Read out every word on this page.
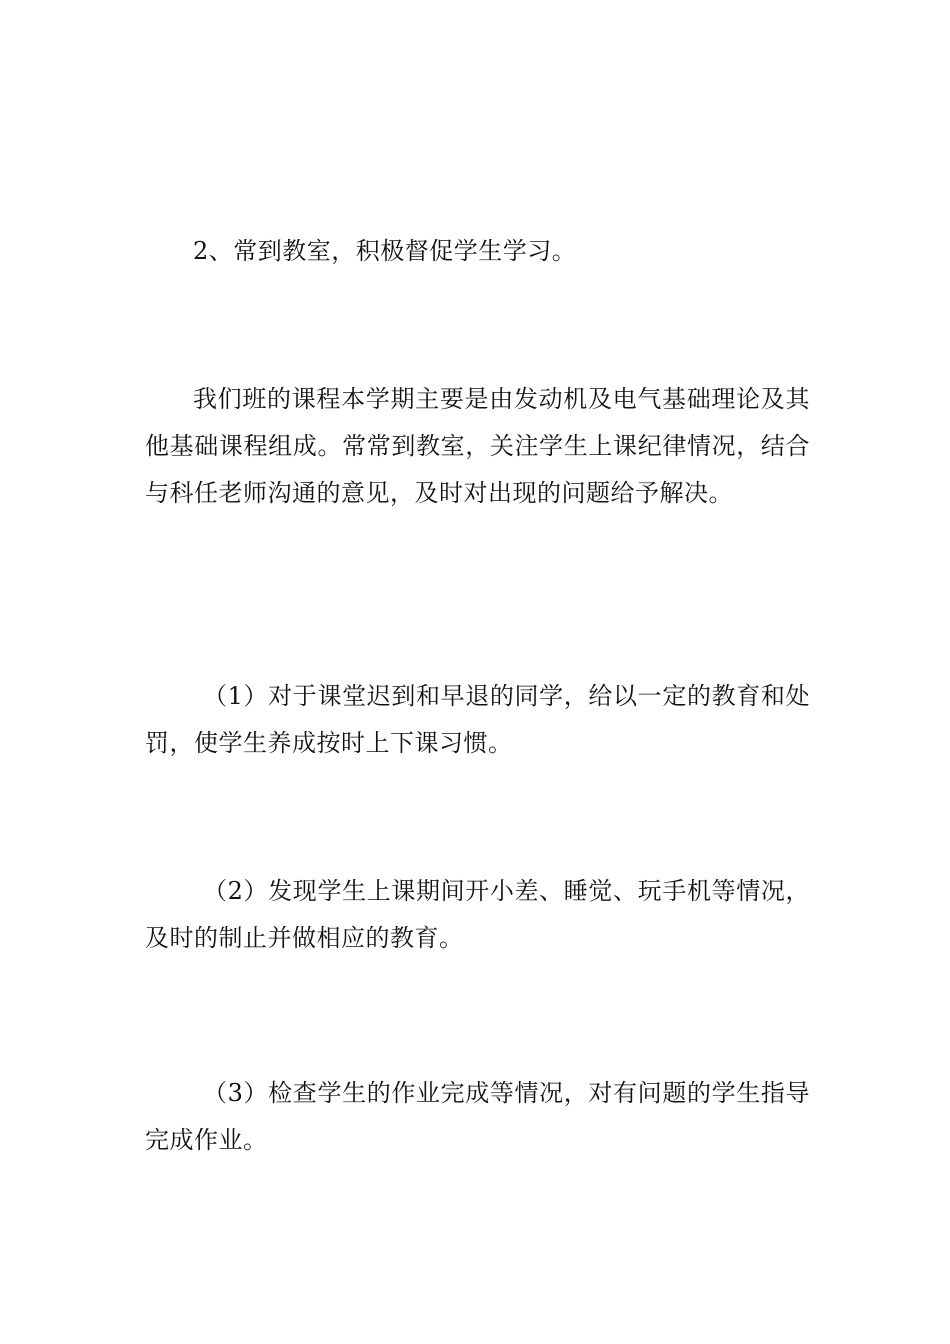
2、常到教室，积极督促学生学习。

我们班的课程本学期主要是由发动机及电气基础理论及其他基础课程组成。常常到教室，关注学生上课纪律情况，结合与科任老师沟通的意见，及时对出现的问题给予解决。

（1）对于课堂迟到和早退的同学，给以一定的教育和处罚，使学生养成按时上下课习惯。

（2）发现学生上课期间开小差、睡觉、玩手机等情况，及时的制止并做相应的教育。

（3）检查学生的作业完成等情况，对有问题的学生指导完成作业。
